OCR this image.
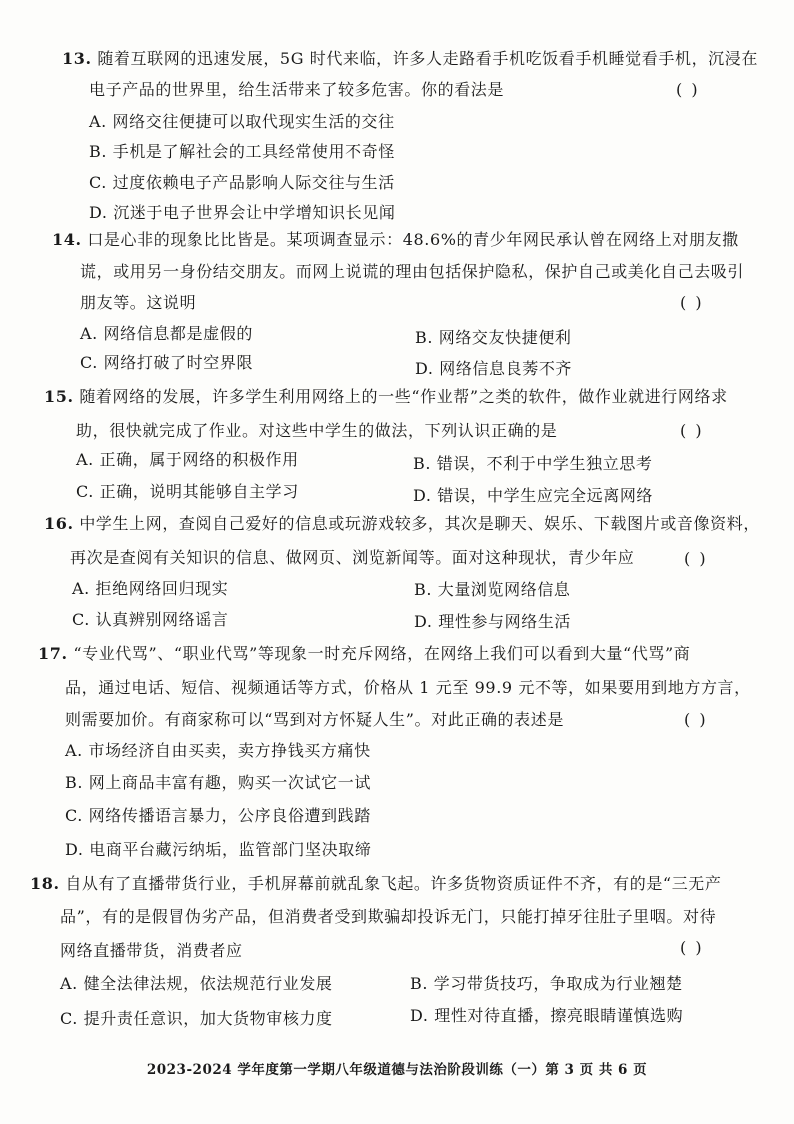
13. 随着互联网的迅速发展，5G 时代来临，许多人走路看手机吃饭看手机睡觉看手机，沉浸在
电子产品的世界里，给生活带来了较多危害。你的看法是	( )
A. 网络交往便捷可以取代现实生活的交往
B. 手机是了解社会的工具经常使用不奇怪
C. 过度依赖电子产品影响人际交往与生活
D. 沉迷于电子世界会让中学增知识长见闻
14. 口是心非的现象比比皆是。某项调查显示：48.6%的青少年网民承认曾在网络上对朋友撒
谎，或用另一身份结交朋友。而网上说谎的理由包括保护隐私，保护自己或美化自己去吸引
朋友等。这说明	( )
A. 网络信息都是虚假的	B. 网络交友快捷便利
C. 网络打破了时空界限	D. 网络信息良莠不齐
15. 随着网络的发展，许多学生利用网络上的一些“作业帮”之类的软件，做作业就进行网络求
助，很快就完成了作业。对这些中学生的做法，下列认识正确的是	( )
A. 正确，属于网络的积极作用	B. 错误，不利于中学生独立思考
C. 正确，说明其能够自主学习	D. 错误，中学生应完全远离网络
16. 中学生上网，查阅自己爱好的信息或玩游戏较多，其次是聊天、娱乐、下载图片或音像资料，
再次是查阅有关知识的信息、做网页、浏览新闻等。面对这种现状，青少年应	( )
A. 拒绝网络回归现实	B. 大量浏览网络信息
C. 认真辨别网络谣言	D. 理性参与网络生活
17. “专业代骂”、“职业代骂”等现象一时充斥网络，在网络上我们可以看到大量“代骂”商
品，通过电话、短信、视频通话等方式，价格从 1 元至 99.9 元不等，如果要用到地方方言，
则需要加价。有商家称可以“骂到对方怀疑人生”。对此正确的表述是	( )
A. 市场经济自由买卖，卖方挣钱买方痛快
B. 网上商品丰富有趣，购买一次试它一试
C. 网络传播语言暴力，公序良俗遭到践踏
D. 电商平台藏污纳垢，监管部门坚决取缔
18. 自从有了直播带货行业，手机屏幕前就乱象飞起。许多货物资质证件不齐，有的是“三无产
品”，有的是假冒伪劣产品，但消费者受到欺骗却投诉无门，只能打掉牙往肚子里咽。对待
网络直播带货，消费者应	( )
A. 健全法律法规，依法规范行业发展	B. 学习带货技巧，争取成为行业翘楚
C. 提升责任意识，加大货物审核力度	D. 理性对待直播，擦亮眼睛谨慎选购
2023-2024 学年度第一学期八年级道德与法治阶段训练（一）第 3 页 共 6 页
